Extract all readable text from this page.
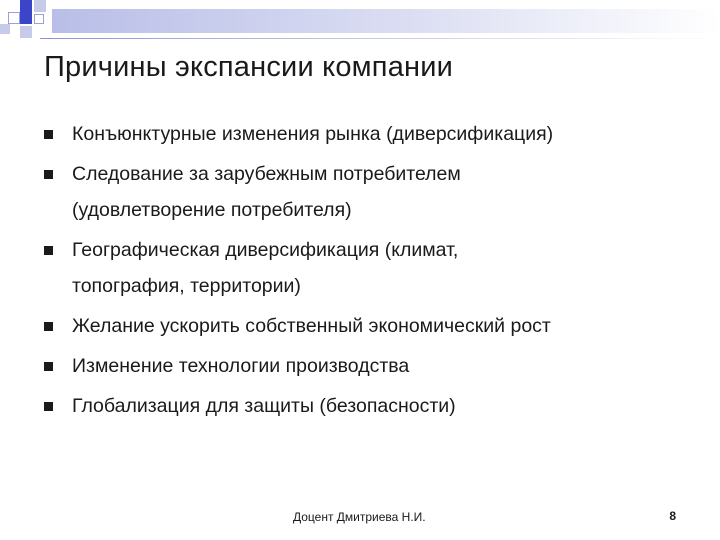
Причины экспансии компании
Конъюнктурные изменения рынка (диверсификация)
Следование за зарубежным потребителем
(удовлетворение потребителя)
Географическая диверсификация (климат,
топография, территории)
Желание ускорить собственный экономический рост
Изменение технологии производства
Глобализация для защиты (безопасности)
Доцент Дмитриева Н.И.	8
